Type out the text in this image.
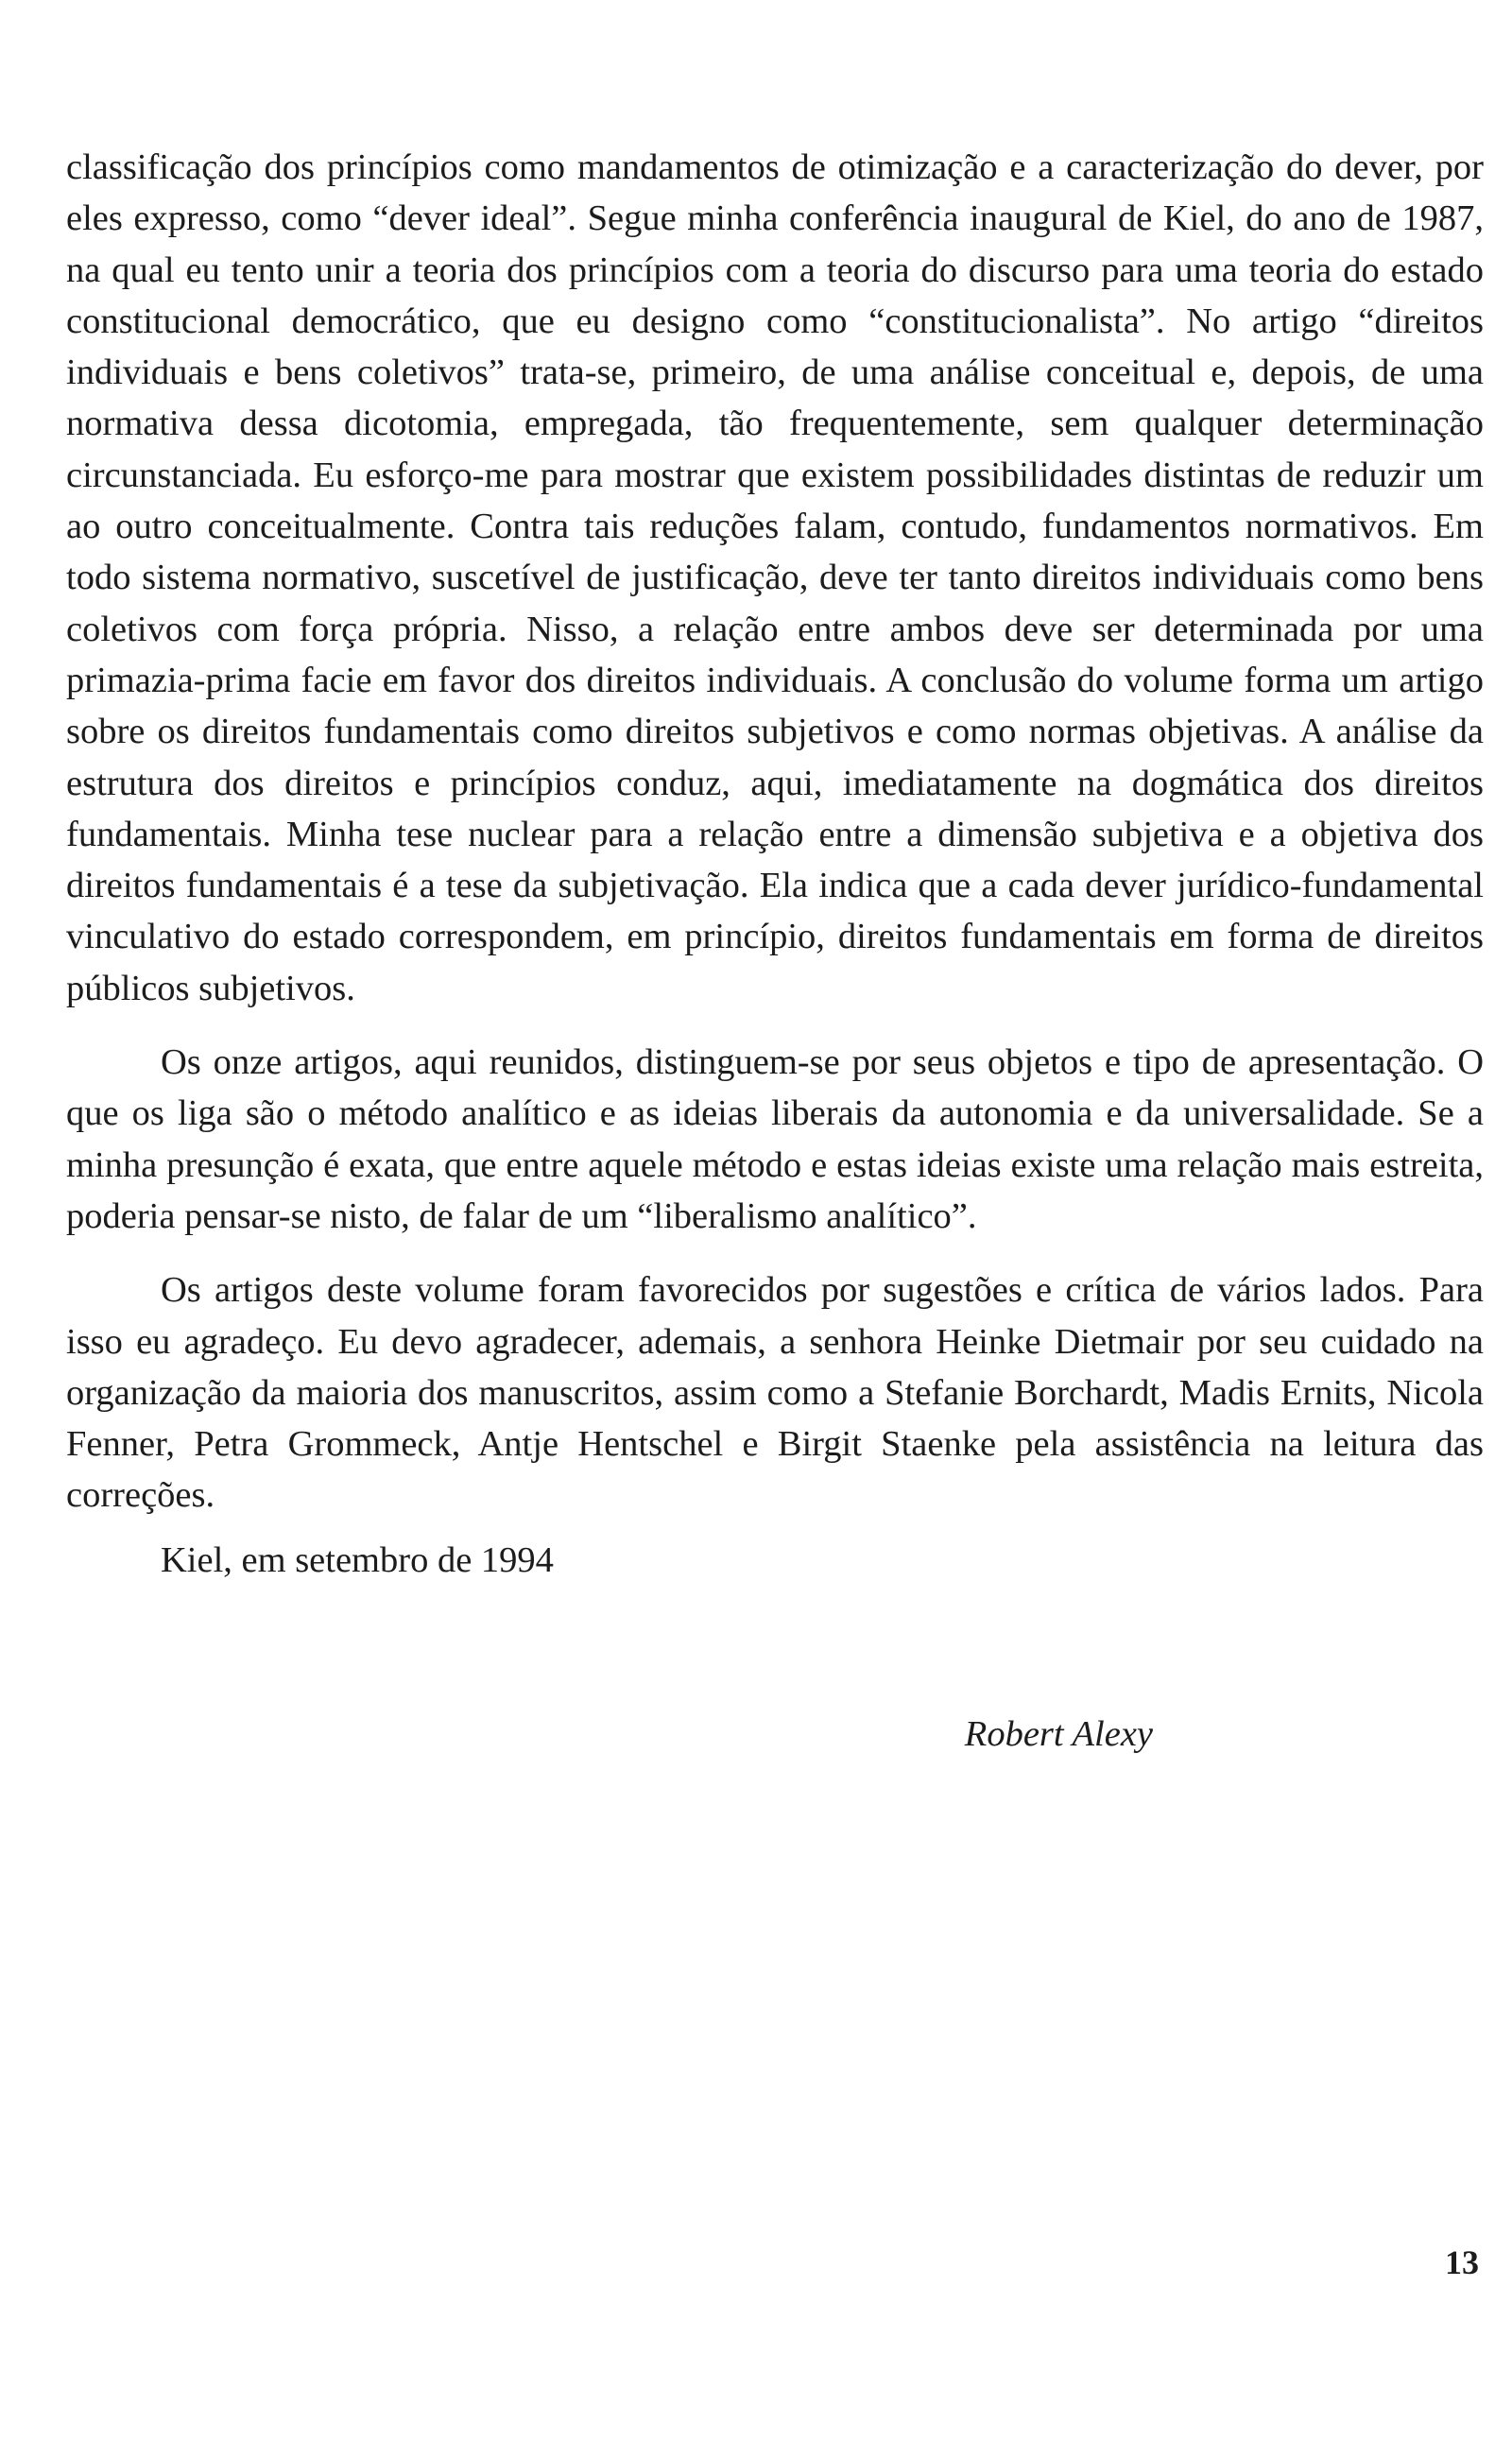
classificação dos princípios como mandamentos de otimização e a caracterização do dever, por eles expresso, como “dever ideal”. Segue minha conferência inaugural de Kiel, do ano de 1987, na qual eu tento unir a teoria dos princípios com a teoria do discurso para uma teoria do estado constitucional democrático, que eu designo como “constitucionalista”. No artigo “direitos individuais e bens coletivos” trata-se, primeiro, de uma análise conceitual e, depois, de uma normativa dessa dicotomia, empregada, tão frequentemente, sem qualquer determinação circunstanciada. Eu esforço-me para mostrar que existem possibilidades distintas de reduzir um ao outro conceitualmente. Contra tais reduções falam, contudo, fundamentos normativos. Em todo sistema normativo, suscetível de justificação, deve ter tanto direitos individuais como bens coletivos com força própria. Nisso, a relação entre ambos deve ser determinada por uma primazia-prima facie em favor dos direitos individuais. A conclusão do volume forma um artigo sobre os direitos fundamentais como direitos subjetivos e como normas objetivas. A análise da estrutura dos direitos e princípios conduz, aqui, imediatamente na dogmática dos direitos fundamentais. Minha tese nuclear para a relação entre a dimensão subjetiva e a objetiva dos direitos fundamentais é a tese da subjetivação. Ela indica que a cada dever jurídico-fundamental vinculativo do estado correspondem, em princípio, direitos fundamentais em forma de direitos públicos subjetivos.

Os onze artigos, aqui reunidos, distinguem-se por seus objetos e tipo de apresentação. O que os liga são o método analítico e as ideias liberais da autonomia e da universalidade. Se a minha presunção é exata, que entre aquele método e estas ideias existe uma relação mais estreita, poderia pensar-se nisto, de falar de um “liberalismo analítico”.

Os artigos deste volume foram favorecidos por sugestões e crítica de vários lados. Para isso eu agradeço. Eu devo agradecer, ademais, a senhora Heinke Dietmair por seu cuidado na organização da maioria dos manuscritos, assim como a Stefanie Borchardt, Madis Ernits, Nicola Fenner, Petra Grommeck, Antje Hentschel e Birgit Staenke pela assistência na leitura das correções.

Kiel, em setembro de 1994

Robert Alexy
13
